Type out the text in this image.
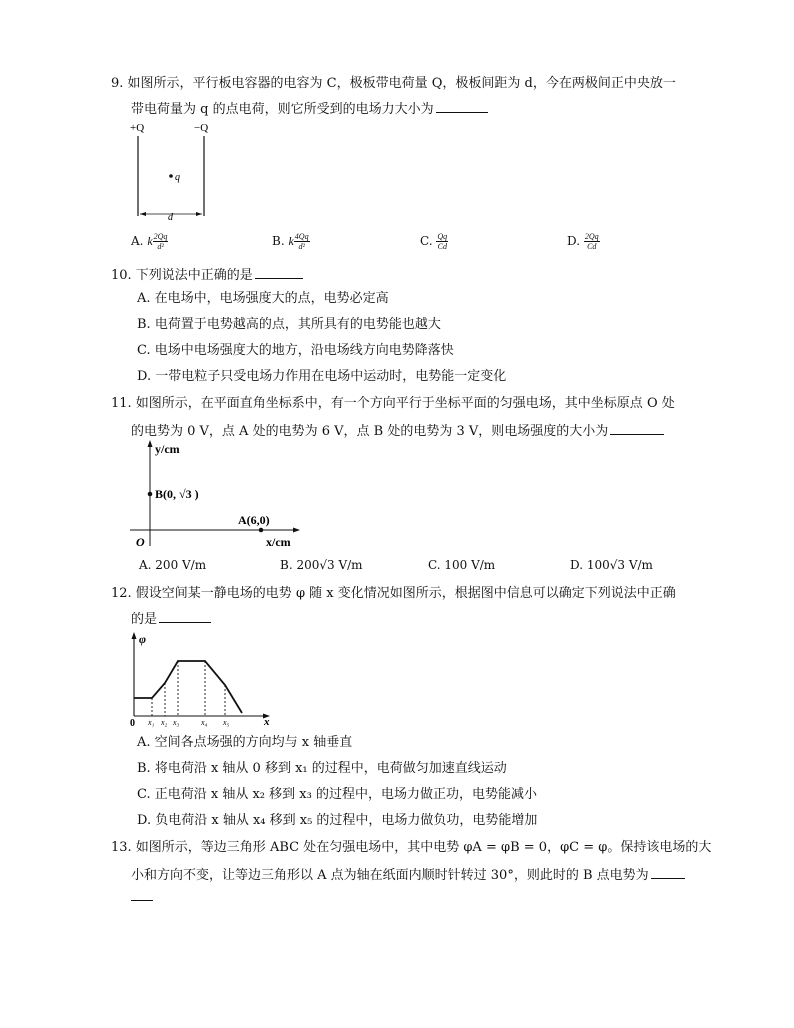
9. 如图所示，平行板电容器的电容为 C，极板带电荷量 Q，极板间距为 d，今在两极间正中央放一
带电荷量为 q 的点电荷，则它所受到的电场力大小为
+Q	−Q
q
d
A. k $\frac{2Qq}{\text{d²}}$	B. k $\frac{4Qq}{\text{d²}}$	C. $\frac{Qq}{Cd}$	D. $\frac{2Qq}{Cd}$
10. 下列说法中正确的是
A. 在电场中，电场强度大的点，电势必定高
B. 电荷置于电势越高的点，其所具有的电势能也越大
C. 电场中电场强度大的地方，沿电场线方向电势降落快
D. 一带电粒子只受电场力作用在电场中运动时，电势能一定变化
11. 如图所示，在平面直角坐标系中，有一个方向平行于坐标平面的匀强电场，其中坐标原点 O 处
的电势为 0 V，点 A 处的电势为 6 V，点 B 处的电势为 3 V，则电场强度的大小为
y/cm
x/cm
O
B(0, √3 )
A(6,0)
A. 200 V/m	B. 200√3 V/m	C. 100 V/m	D. 100√3 V/m
12. 假设空间某一静电场的电势 φ 随 x 变化情况如图所示，根据图中信息可以确定下列说法中正确
的是
φ
x
0 x₁ x₂ x₃	x₄ x₅
A. 空间各点场强的方向均与 x 轴垂直
B. 将电荷沿 x 轴从 0 移到 x₁ 的过程中，电荷做匀加速直线运动
C. 正电荷沿 x 轴从 x₂ 移到 x₃ 的过程中，电场力做正功，电势能减小
D. 负电荷沿 x 轴从 x₄ 移到 x₅ 的过程中，电场力做负功，电势能增加
13. 如图所示，等边三角形 ABC 处在匀强电场中，其中电势 φA = φB = 0，φC = φ。保持该电场的大
小和方向不变，让等边三角形以 A 点为轴在纸面内顺时针转过 30°，则此时的 B 点电势为
